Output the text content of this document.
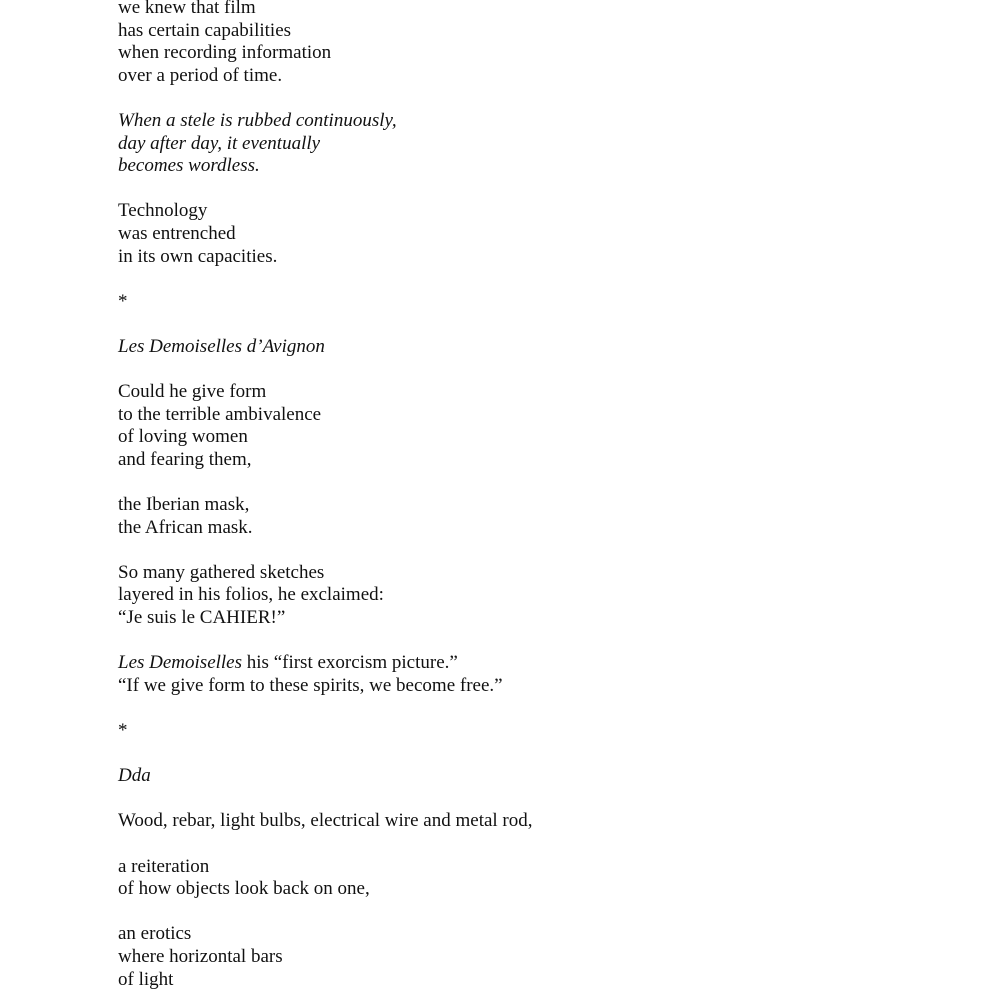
we knew that film
has certain capabilities
when recording information
over a period of time.
When a stele is rubbed continuously,
day after day, it eventually
becomes wordless.
Technology
was entrenched
in its own capacities.
*
Les Demoiselles d’Avignon
Could he give form
to the terrible ambivalence
of loving women
and fearing them,
the Iberian mask,
the African mask.
So many gathered sketches
layered in his folios, he exclaimed:
“Je suis le CAHIER!”
Les Demoiselles his “first exorcism picture.”
“If we give form to these spirits, we become free.”
*
Dda
Wood, rebar, light bulbs, electrical wire and metal rod,
a reiteration
of how objects look back on one,
an erotics
where horizontal bars
of light
